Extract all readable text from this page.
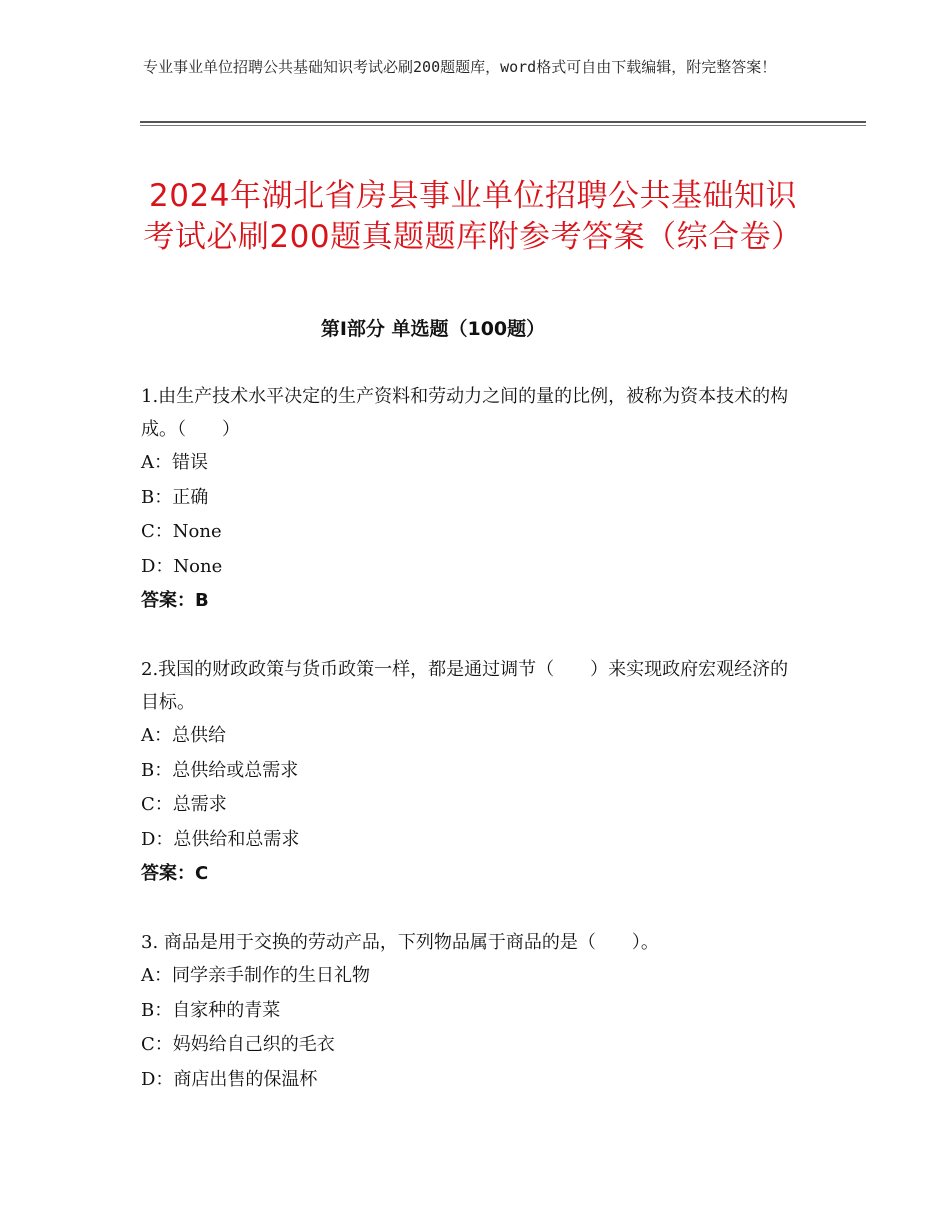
专业事业单位招聘公共基础知识考试必刷200题题库，word格式可自由下载编辑，附完整答案！
2024年湖北省房县事业单位招聘公共基础知识考试必刷200题真题题库附参考答案（综合卷）
第Ⅰ部分 单选题（100题）

1.由生产技术水平决定的生产资料和劳动力之间的量的比例，被称为资本技术的构成。（　　）

A：错误

B：正确

C：None

D：None

答案：B

2.我国的财政政策与货币政策一样，都是通过调节（　　）来实现政府宏观经济的目标。

A：总供给

B：总供给或总需求

C：总需求

D：总供给和总需求

答案：C

3. 商品是用于交换的劳动产品，下列物品属于商品的是（　　）。

A：同学亲手制作的生日礼物

B：自家种的青菜

C：妈妈给自己织的毛衣

D：商店出售的保温杯
